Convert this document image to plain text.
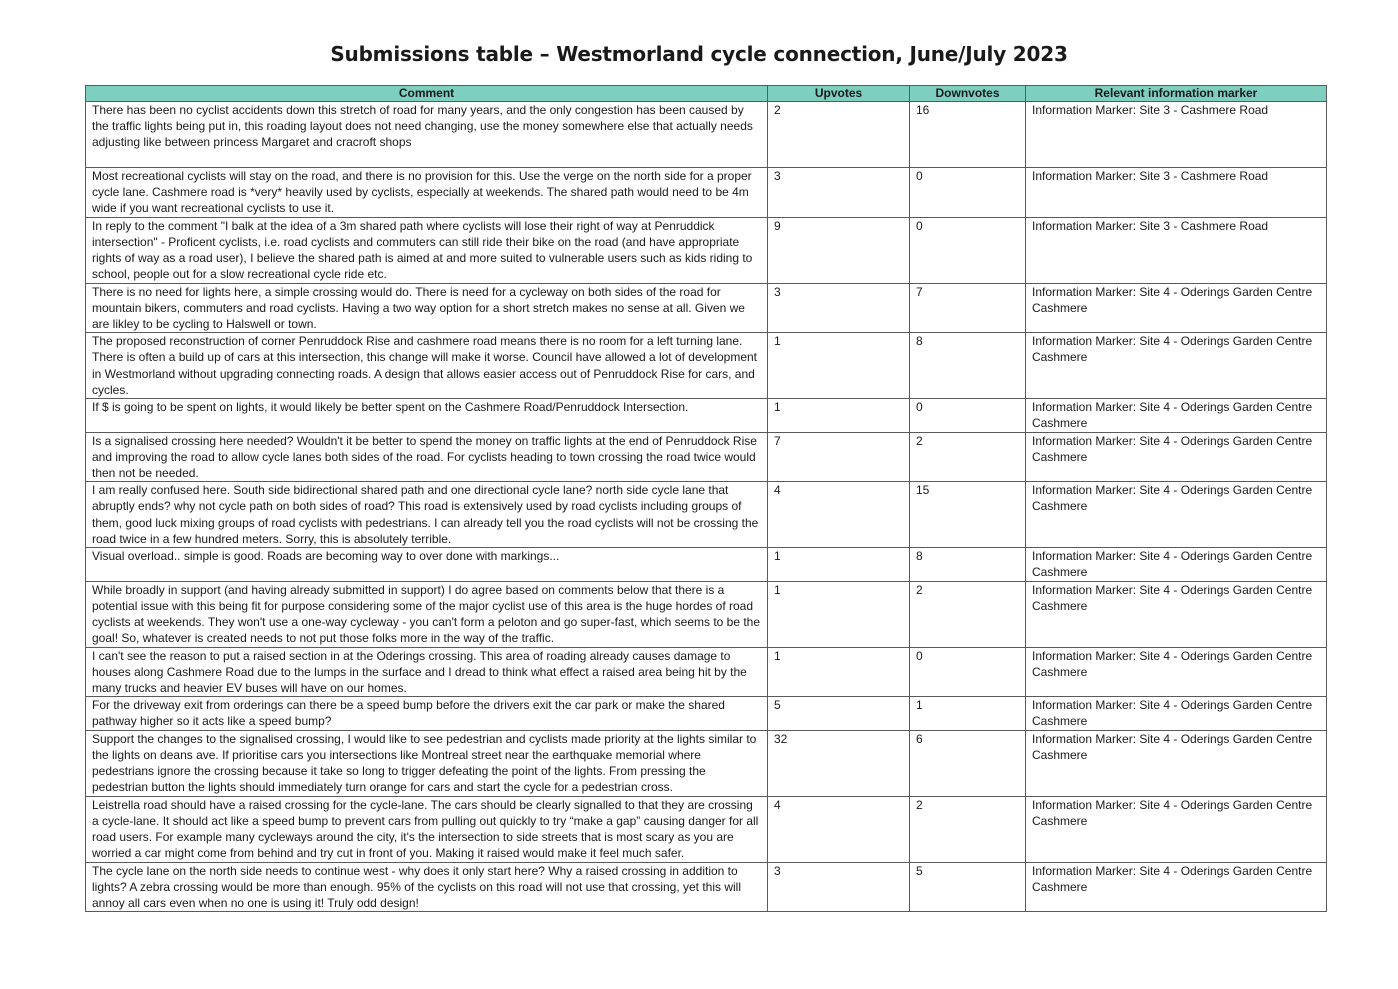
Submissions table – Westmorland cycle connection, June/July 2023
Comment	Upvotes	Downvotes	Relevant information marker
There has been no cyclist accidents down this stretch of road for many years, and the only congestion has been caused by the traffic lights being put in, this roading layout does not need changing, use the money somewhere else that actually needs adjusting like between princess Margaret and cracroft shops	2	16	Information Marker: Site 3 - Cashmere Road
Most recreational cyclists will stay on the road, and there is no provision for this. Use the verge on the north side for a proper cycle lane. Cashmere road is *very* heavily used by cyclists, especially at weekends. The shared path would need to be 4m wide if you want recreational cyclists to use it.	3	0	Information Marker: Site 3 - Cashmere Road
In reply to the comment "I balk at the idea of a 3m shared path where cyclists will lose their right of way at Penruddick intersection" - Proficent cyclists, i.e. road cyclists and commuters can still ride their bike on the road (and have appropriate rights of way as a road user), I believe the shared path is aimed at and more suited to vulnerable users such as kids riding to school, people out for a slow recreational cycle ride etc.	9	0	Information Marker: Site 3 - Cashmere Road
There is no need for lights here, a simple crossing would do. There is need for a cycleway on both sides of the road for mountain bikers, commuters and road cyclists. Having a two way option for a short stretch makes no sense at all. Given we are likley to be cycling to Halswell or town.	3	7	Information Marker: Site 4 - Oderings Garden Centre Cashmere
The proposed reconstruction of corner Penruddock Rise and cashmere road means there is no room for a left turning lane. There is often a build up of cars at this intersection, this change will make it worse. Council have allowed a lot of development in Westmorland without upgrading connecting roads. A design that allows easier access out of Penruddock Rise for cars, and cycles.	1	8	Information Marker: Site 4 - Oderings Garden Centre Cashmere
If $ is going to be spent on lights, it would likely be better spent on the Cashmere Road/Penruddock Intersection.	1	0	Information Marker: Site 4 - Oderings Garden Centre Cashmere
Is a signalised crossing here needed? Wouldn't it be better to spend the money on traffic lights at the end of Penruddock Rise and improving the road to allow cycle lanes both sides of the road. For cyclists heading to town crossing the road twice would then not be needed.	7	2	Information Marker: Site 4 - Oderings Garden Centre Cashmere
I am really confused here. South side bidirectional shared path and one directional cycle lane? north side cycle lane that abruptly ends? why not cycle path on both sides of road? This road is extensively used by road cyclists including groups of them, good luck mixing groups of road cyclists with pedestrians. I can already tell you the road cyclists will not be crossing the road twice in a few hundred meters. Sorry, this is absolutely terrible.	4	15	Information Marker: Site 4 - Oderings Garden Centre Cashmere
Visual overload.. simple is good. Roads are becoming way to over done with markings...	1	8	Information Marker: Site 4 - Oderings Garden Centre Cashmere
While broadly in support (and having already submitted in support) I do agree based on comments below that there is a potential issue with this being fit for purpose considering some of the major cyclist use of this area is the huge hordes of road cyclists at weekends. They won't use a one-way cycleway - you can't form a peloton and go super-fast, which seems to be the goal! So, whatever is created needs to not put those folks more in the way of the traffic.	1	2	Information Marker: Site 4 - Oderings Garden Centre Cashmere
I can't see the reason to put a raised section in at the Oderings crossing. This area of roading already causes damage to houses along Cashmere Road due to the lumps in the surface and I dread to think what effect a raised area being hit by the many trucks and heavier EV buses will have on our homes.	1	0	Information Marker: Site 4 - Oderings Garden Centre Cashmere
For the driveway exit from orderings can there be a speed bump before the drivers exit the car park or make the shared pathway higher so it acts like a speed bump?	5	1	Information Marker: Site 4 - Oderings Garden Centre Cashmere
Support the changes to the signalised crossing, I would like to see pedestrian and cyclists made priority at the lights similar to the lights on deans ave. If prioritise cars you intersections like Montreal street near the earthquake memorial where pedestrians ignore the crossing because it take so long to trigger defeating the point of the lights. From pressing the pedestrian button the lights should immediately turn orange for cars and start the cycle for a pedestrian cross.	32	6	Information Marker: Site 4 - Oderings Garden Centre Cashmere
Leistrella road should have a raised crossing for the cycle-lane. The cars should be clearly signalled to that they are crossing a cycle-lane. It should act like a speed bump to prevent cars from pulling out quickly to try “make a gap” causing danger for all road users. For example many cycleways around the city, it's the intersection to side streets that is most scary as you are worried a car might come from behind and try cut in front of you. Making it raised would make it feel much safer.	4	2	Information Marker: Site 4 - Oderings Garden Centre Cashmere
The cycle lane on the north side needs to continue west - why does it only start here? Why a raised crossing in addition to lights? A zebra crossing would be more than enough. 95% of the cyclists on this road will not use that crossing, yet this will annoy all cars even when no one is using it! Truly odd design!	3	5	Information Marker: Site 4 - Oderings Garden Centre Cashmere
